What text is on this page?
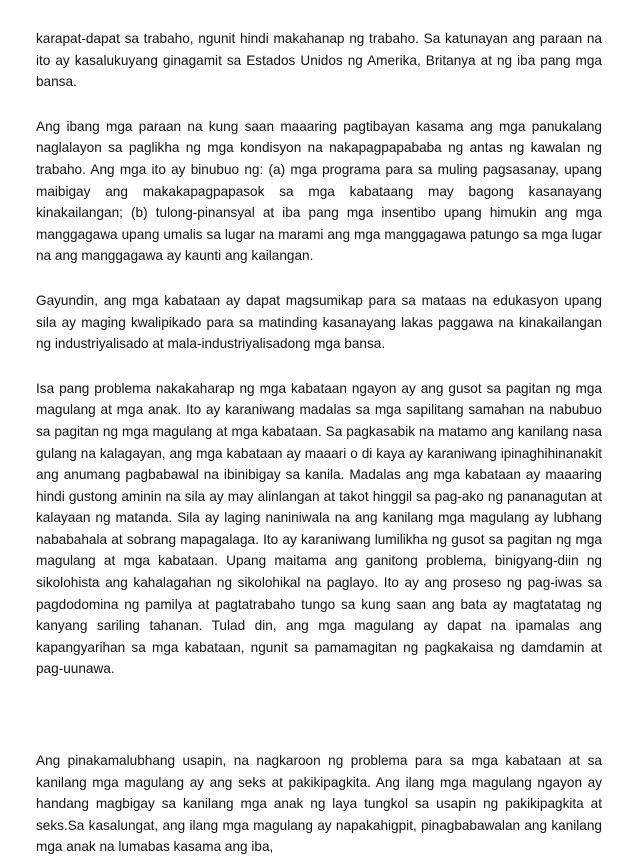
karapat-dapat sa trabaho, ngunit hindi makahanap ng trabaho. Sa katunayan ang paraan na ito ay kasalukuyang ginagamit sa Estados Unidos ng Amerika, Britanya at ng iba pang mga bansa.

Ang ibang mga paraan na kung saan maaaring pagtibayan kasama ang mga panukalang naglalayon sa paglikha ng mga kondisyon na nakapagpapababa ng antas ng kawalan ng trabaho. Ang mga ito ay binubuo ng: (a) mga programa para sa muling pagsasanay, upang maibigay ang makakapagpapasok sa mga kabataang may bagong kasanayang kinakailangan; (b) tulong-pinansyal at iba pang mga insentibo upang himukin ang mga manggagawa upang umalis sa lugar na marami ang mga manggagawa patungo sa mga lugar na ang manggagawa ay kaunti ang kailangan.

Gayundin, ang mga kabataan ay dapat magsumikap para sa mataas na edukasyon upang sila ay maging kwalipikado para sa matinding kasanayang lakas paggawa na kinakailangan ng industriyalisado at mala-industriyalisadong mga bansa.

Isa pang problema nakakaharap ng mga kabataan ngayon ay ang gusot sa pagitan ng mga magulang at mga anak. Ito ay karaniwang madalas sa mga sapilitang samahan na nabubuo sa pagitan ng mga magulang at mga kabataan. Sa pagkasabik na matamo ang kanilang nasa gulang na kalagayan, ang mga kabataan ay maaari o di kaya ay karaniwang ipinaghihinanakit ang anumang pagbabawal na ibinibigay sa kanila. Madalas ang mga kabataan ay maaaring hindi gustong aminin na sila ay may alinlangan at takot hinggil sa pag-ako ng pananagutan at kalayaan ng matanda. Sila ay laging naniniwala na ang kanilang mga magulang ay lubhang nababahala at sobrang mapagalaga. Ito ay karaniwang lumilikha ng gusot sa pagitan ng mga magulang at mga kabataan. Upang maitama ang ganitong problema, binigyang-diin ng sikolohista ang kahalagahan ng sikolohikal na paglayo. Ito ay ang proseso ng pag-iwas sa pagdodomina ng pamilya at pagtatrabaho tungo sa kung saan ang bata ay magtatatag ng kanyang sariling tahanan. Tulad din, ang mga magulang ay dapat na ipamalas ang kapangyarihan sa mga kabataan, ngunit sa pamamagitan ng pagkakaisa ng damdamin at pag-uunawa.

Ang pinakamalubhang usapin, na nagkaroon ng problema para sa mga kabataan at sa kanilang mga magulang ay ang seks at pakikipagkita. Ang ilang mga magulang ngayon ay handang magbigay sa kanilang mga anak ng laya tungkol sa usapin ng pakikipagkita at seks.Sa kasalungat, ang ilang mga magulang ay napakahigpit, pinagbabawalan ang kanilang mga anak na lumabas kasama ang iba,
